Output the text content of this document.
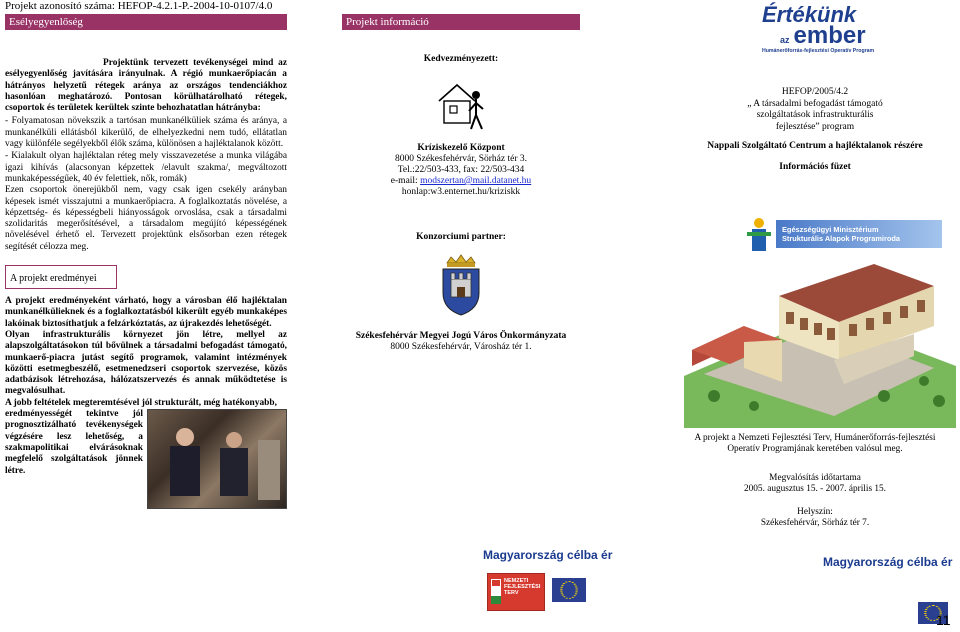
Projekt azonosító száma: HEFOP-4.2.1-P.-2004-10-0107/4.0
Esélyegyenlőség
Projektünk tervezett tevékenységei mind az esélyegyenlőség javítására irányulnak. A régió munkaerőpiacán a hátrányos helyzetű rétegek aránya az országos tendenciákhoz hasonlóan meghatározó. Pontosan körülhatárolható rétegek, csoportok és területek kerültek szinte behozhatatlan hátrányba:
- Folyamatosan növekszik a tartósan munkanélküliek száma és aránya, a munkanélküli ellátásból kikerülő, de elhelyezkedni nem tudó, ellátatlan vagy különféle segélyekből élők száma, különösen a hajléktalanok között.
- Kialakult olyan hajléktalan réteg mely visszavezetése a munka világába igazi kihívás (alacsonyan képzettek /elavult szakma/, megváltozott munkaképességűek, 40 év felettiek, nők, romák)
Ezen csoportok önerejükből nem, vagy csak igen csekély arányban képesek ismét visszajutni a munkaerőpiacra. A foglalkoztatás növelése, a képzettség- és képességbeli hiányosságok orvoslása, csak a társadalmi szolidaritás megerősítésével, a társadalom megújító képességének növelésével érhető el. Tervezett projektünk elsősorban ezen rétegek segítését célozza meg.
A projekt eredményei
A projekt eredményeként várható, hogy a városban élő hajléktalan munkanélkülieknek és a foglalkoztatásból kikerült egyéb munkaképes lakóinak biztosíthatjuk a felzárkóztatás, az újrakezdés lehetőségét.
Olyan infrastrukturális környezet jön létre, mellyel az alapszolgáltatásokon túl bővülnek a társadalmi befogadást támogató, munkaerő-piacra jutást segítő programok, valamint intézmények közötti esetmegbeszélő, esetmenedzseri csoportok szervezése, közös adatbázisok létrehozása, hálózatszervezés és annak működtetése is megvalósulhat.
A jobb feltételek megteremtésével jól strukturált, még hatékonyabb,
eredményességét tekintve jól prognosztizálható tevékenységek végzésére lesz lehetőség, a szakmapolitikai elvárásoknak megfelelő szolgáltatások jönnek létre.
Projekt információ
Kedvezményezett:
Kríziskezelő Központ
8000 Székesfehérvár, Sörház tér 3.
Tel.:22/503-433, fax: 22/503-434
e-mail: modszertan@mail.datanet.hu
honlap:w3.enternet.hu/kriziskk
Konzorciumi partner:
Székesfehérvár Megyei Jogú Város Önkormányzata
8000 Székesfehérvár, Városház tér 1.
Magyarország célba ér
NEMZETI
FEJLESZTÉSI
TERV
Értékünk
az ember
Humánerőforrás-fejlesztési Operatív Program
HEFOP/2005/4.2
„ A társadalmi befogadást támogató szolgáltatások infrastrukturális fejlesztése” program
Nappali Szolgáltató Centrum a hajléktalanok részére
Információs füzet
Egészségügyi Minisztérium
Strukturális Alapok Programiroda
A projekt a Nemzeti Fejlesztési Terv, Humánerőforrás-fejlesztési Operatív Programjának keretében valósul meg.
Megvalósítás időtartama
2005. augusztus 15. - 2007. április 15.
Helyszín:
Székesfehérvár, Sörház tér 7.
Magyarország célba ér
11
